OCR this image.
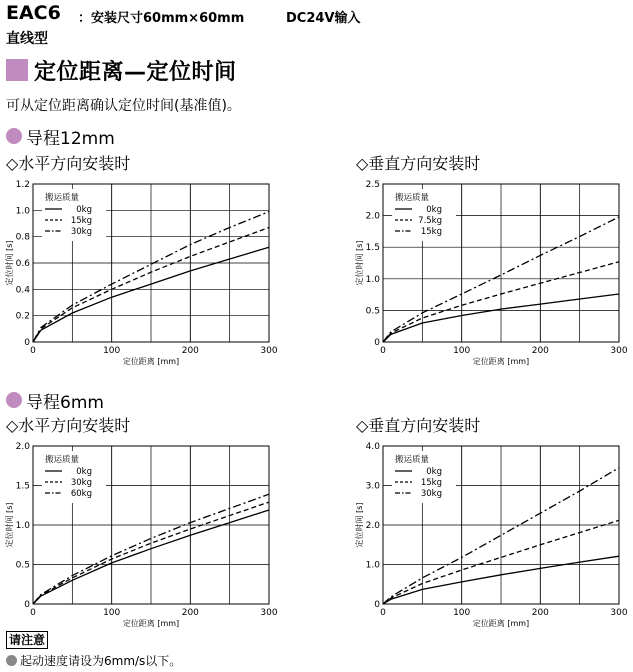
EAC6 ：安装尺寸60mm×60mm	DC24V输入
直线型
定位距离—定位时间
可从定位距离确认定位时间(基准值)。
导程12mm
◇水平方向安装时	◇垂直方向安装时
导程6mm
◇水平方向安装时	◇垂直方向安装时
0
0.2
0.4
0.6
0.8
1.0
1.2
0	100	200	300
定位距离 [mm]
定位时间 [s]
搬运质量
0kg
15kg
30kg
0
0.5
1.0
1.5
2.0
2.5
0	100	200	300
定位距离 [mm]
定位时间 [s]
搬运质量
0kg
7.5kg
15kg
0
0.5
1.0
1.5
2.0
0	100	200	300
定位距离 [mm]
定位时间 [s]
搬运质量
0kg
30kg
60kg
0
1.0
2.0
3.0
4.0
0	100	200	300
定位距离 [mm]
定位时间 [s]
搬运质量
0kg
15kg
30kg
请注意
起动速度请设为6mm/s以下。
